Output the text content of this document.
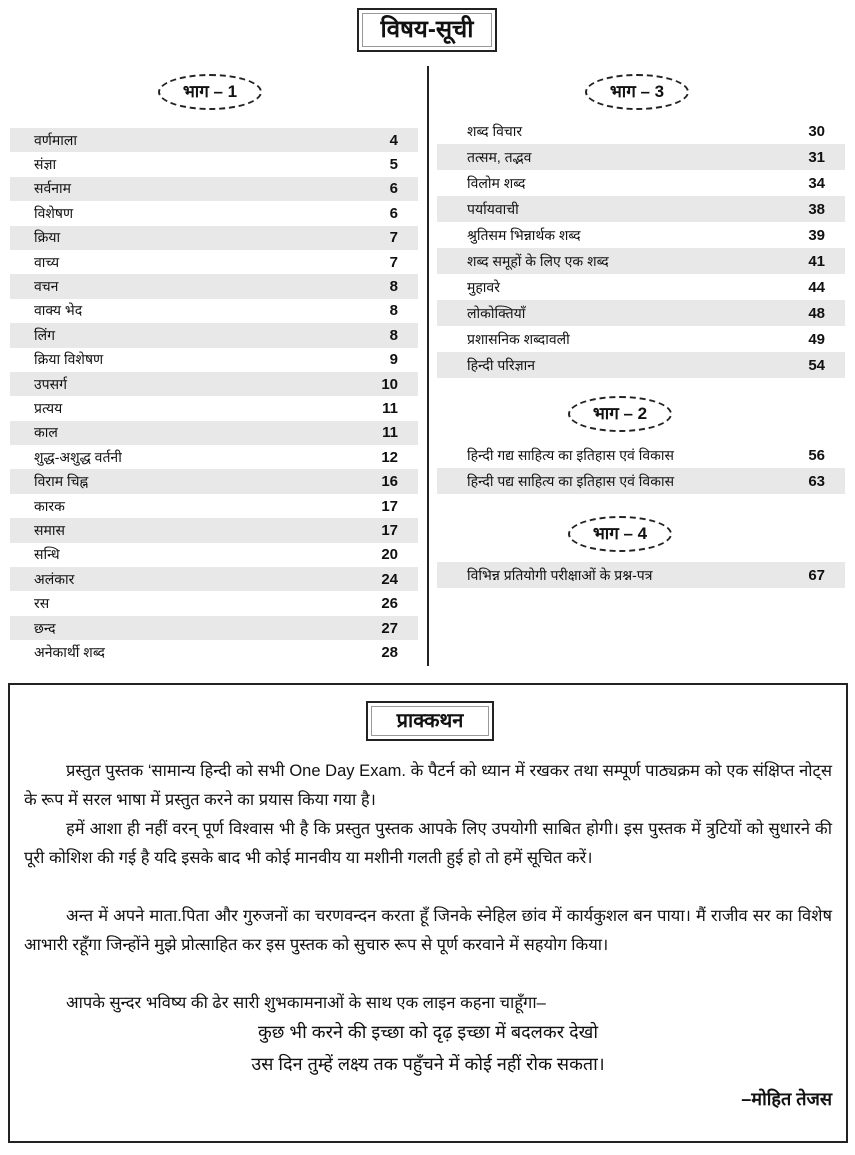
विषय-सूची
भाग – 1	भाग – 3
वर्णमाला	4
संज्ञा	5
सर्वनाम	6
विशेषण	6
क्रिया	7
वाच्य	7
वचन	8
वाक्य भेद	8
लिंग	8
क्रिया विशेषण	9
उपसर्ग	10
प्रत्यय	11
काल	11
शुद्ध-अशुद्ध वर्तनी	12
विराम चिह्न	16
कारक	17
समास	17
सन्धि	20
अलंकार	24
रस	26
छन्द	27
अनेकार्थी शब्द	28
शब्द विचार	30
तत्सम, तद्भव	31
विलोम शब्द	34
पर्यायवाची	38
श्रुतिसम भिन्नार्थक शब्द	39
शब्द समूहों के लिए एक शब्द	41
मुहावरे	44
लोकोक्तियाँ	48
प्रशासनिक शब्दावली	49
हिन्दी परिज्ञान	54
भाग – 2
हिन्दी गद्य साहित्य का इतिहास एवं विकास	56
हिन्दी पद्य साहित्य का इतिहास एवं विकास	63
भाग – 4
विभिन्न प्रतियोगी परीक्षाओं के प्रश्न-पत्र	67
प्राक्कथन

प्रस्तुत पुस्तक ‘सामान्य हिन्दी को सभी One Day Exam. के पैटर्न को ध्यान में रखकर तथा सम्पूर्ण पाठ्यक्रम को एक संक्षिप्त नोट्स के रूप में सरल भाषा में प्रस्तुत करने का प्रयास किया गया है।

हमें आशा ही नहीं वरन् पूर्ण विश्वास भी है कि प्रस्तुत पुस्तक आपके लिए उपयोगी साबित होगी। इस पुस्तक में त्रुटियों को सुधारने की पूरी कोशिश की गई है यदि इसके बाद भी कोई मानवीय या मशीनी गलती हुई हो तो हमें सूचित करें।

अन्त में अपने माता.पिता और गुरुजनों का चरणवन्दन करता हूँ जिनके स्नेहिल छांव में कार्यकुशल बन पाया। मैं राजीव सर का विशेष आभारी रहूँगा जिन्होंने मुझे प्रोत्साहित कर इस पुस्तक को सुचारु रूप से पूर्ण करवाने में सहयोग किया।

आपके सुन्दर भविष्य की ढेर सारी शुभकामनाओं के साथ एक लाइन कहना चाहूँगा–

कुछ भी करने की इच्छा को दृढ़ इच्छा में बदलकर देखो
उस दिन तुम्हें लक्ष्य तक पहुँचने में कोई नहीं रोक सकता।
–मोहित तेजस
